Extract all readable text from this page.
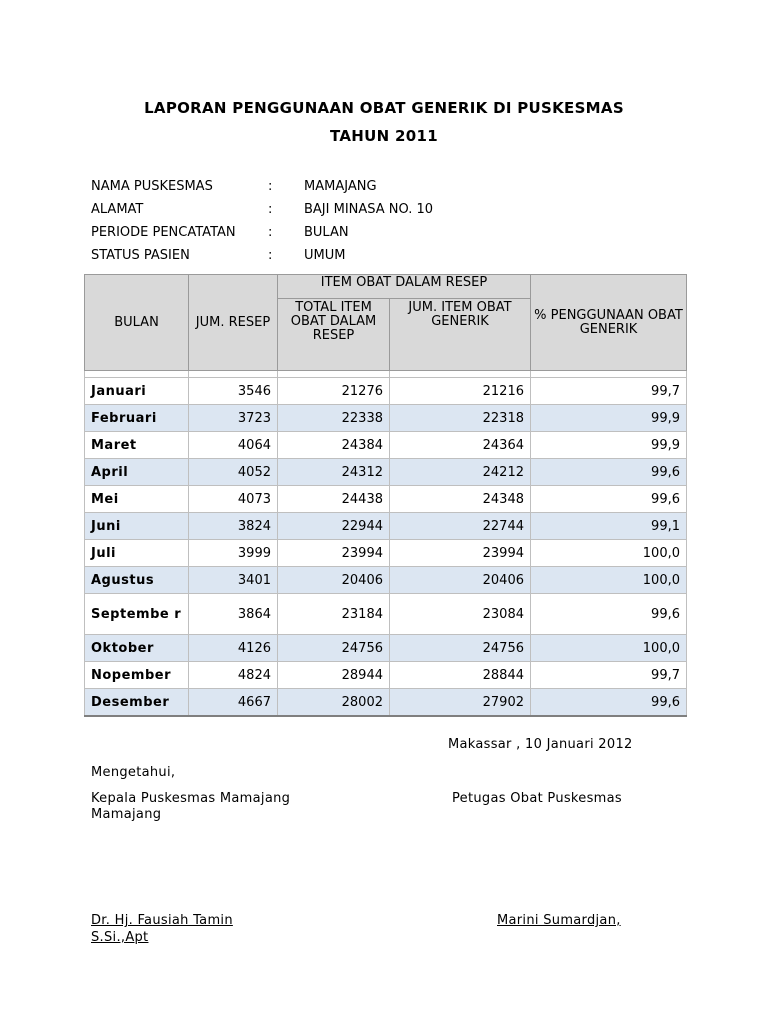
LAPORAN PENGGUNAAN OBAT GENERIK DI PUSKESMAS
TAHUN 2011
NAMA PUSKESMAS	: MAMAJANG
ALAMAT	: BAJI MINASA NO. 10
PERIODE PENCATATAN : BULAN
STATUS PASIEN	: UMUM
BULAN	JUM. RESEP	ITEM OBAT DALAM RESEP		% PENGGUNAAN OBAT GENERIK
		TOTAL ITEM OBAT DALAM RESEP	JUM. ITEM OBAT GENERIK	

Januari	3546	21276	21216	99,7
Februari	3723	22338	22318	99,9
Maret	4064	24384	24364	99,9
April	4052	24312	24212	99,6
Mei	4073	24438	24348	99,6
Juni	3824	22944	22744	99,1
Juli	3999	23994	23994	100,0
Agustus	3401	20406	20406	100,0
Septembe r	3864	23184	23084	99,6
Oktober	4126	24756	24756	100,0
Nopember	4824	28944	28844	99,7
Desember	4667	28002	27902	99,6
Makassar , 10 Januari 2012
Mengetahui,
Kepala Puskesmas Mamajang
Mamajang
Petugas Obat Puskesmas
Dr. Hj. Fausiah Tamin
S.Si.,Apt
Marini Sumardjan,
